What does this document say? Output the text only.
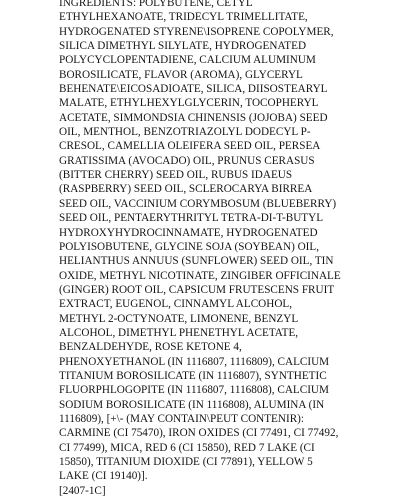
INGREDIENTS: POLYBUTENE, CETYL
ETHYLHEXANOATE, TRIDECYL TRIMELLITATE,
HYDROGENATED STYRENE\ISOPRENE COPOLYMER,
SILICA DIMETHYL SILYLATE, HYDROGENATED
POLYCYCLOPENTADIENE, CALCIUM ALUMINUM
BOROSILICATE, FLAVOR (AROMA), GLYCERYL
BEHENATE\EICOSADIOATE, SILICA, DIISOSTEARYL
MALATE, ETHYLHEXYLGLYCERIN, TOCOPHERYL
ACETATE, SIMMONDSIA CHINENSIS (JOJOBA) SEED
OIL, MENTHOL, BENZOTRIAZOLYL DODECYL P-
CRESOL, CAMELLIA OLEIFERA SEED OIL, PERSEA
GRATISSIMA (AVOCADO) OIL, PRUNUS CERASUS
(BITTER CHERRY) SEED OIL, RUBUS IDAEUS
(RASPBERRY) SEED OIL, SCLEROCARYA BIRREA
SEED OIL, VACCINIUM CORYMBOSUM (BLUEBERRY)
SEED OIL, PENTAERYTHRITYL TETRA-DI-T-BUTYL
HYDROXYHYDROCINNAMATE, HYDROGENATED
POLYISOBUTENE, GLYCINE SOJA (SOYBEAN) OIL,
HELIANTHUS ANNUUS (SUNFLOWER) SEED OIL, TIN
OXIDE, METHYL NICOTINATE, ZINGIBER OFFICINALE
(GINGER) ROOT OIL, CAPSICUM FRUTESCENS FRUIT
EXTRACT, EUGENOL, CINNAMYL ALCOHOL,
METHYL 2-OCTYNOATE, LIMONENE, BENZYL
ALCOHOL, DIMETHYL PHENETHYL ACETATE,
BENZALDEHYDE, ROSE KETONE 4,
PHENOXYETHANOL (IN 1116807, 1116809), CALCIUM
TITANIUM BOROSILICATE (IN 1116807), SYNTHETIC
FLUORPHLOGOPITE (IN 1116807, 1116808), CALCIUM
SODIUM BOROSILICATE (IN 1116808), ALUMINA (IN
1116809), [+\- (MAY CONTAIN\PEUT CONTENIR):
CARMINE (CI 75470), IRON OXIDES (CI 77491, CI 77492,
CI 77499), MICA, RED 6 (CI 15850), RED 7 LAKE (CI
15850), TITANIUM DIOXIDE (CI 77891), YELLOW 5
LAKE (CI 19140)].
[2407-1C]
